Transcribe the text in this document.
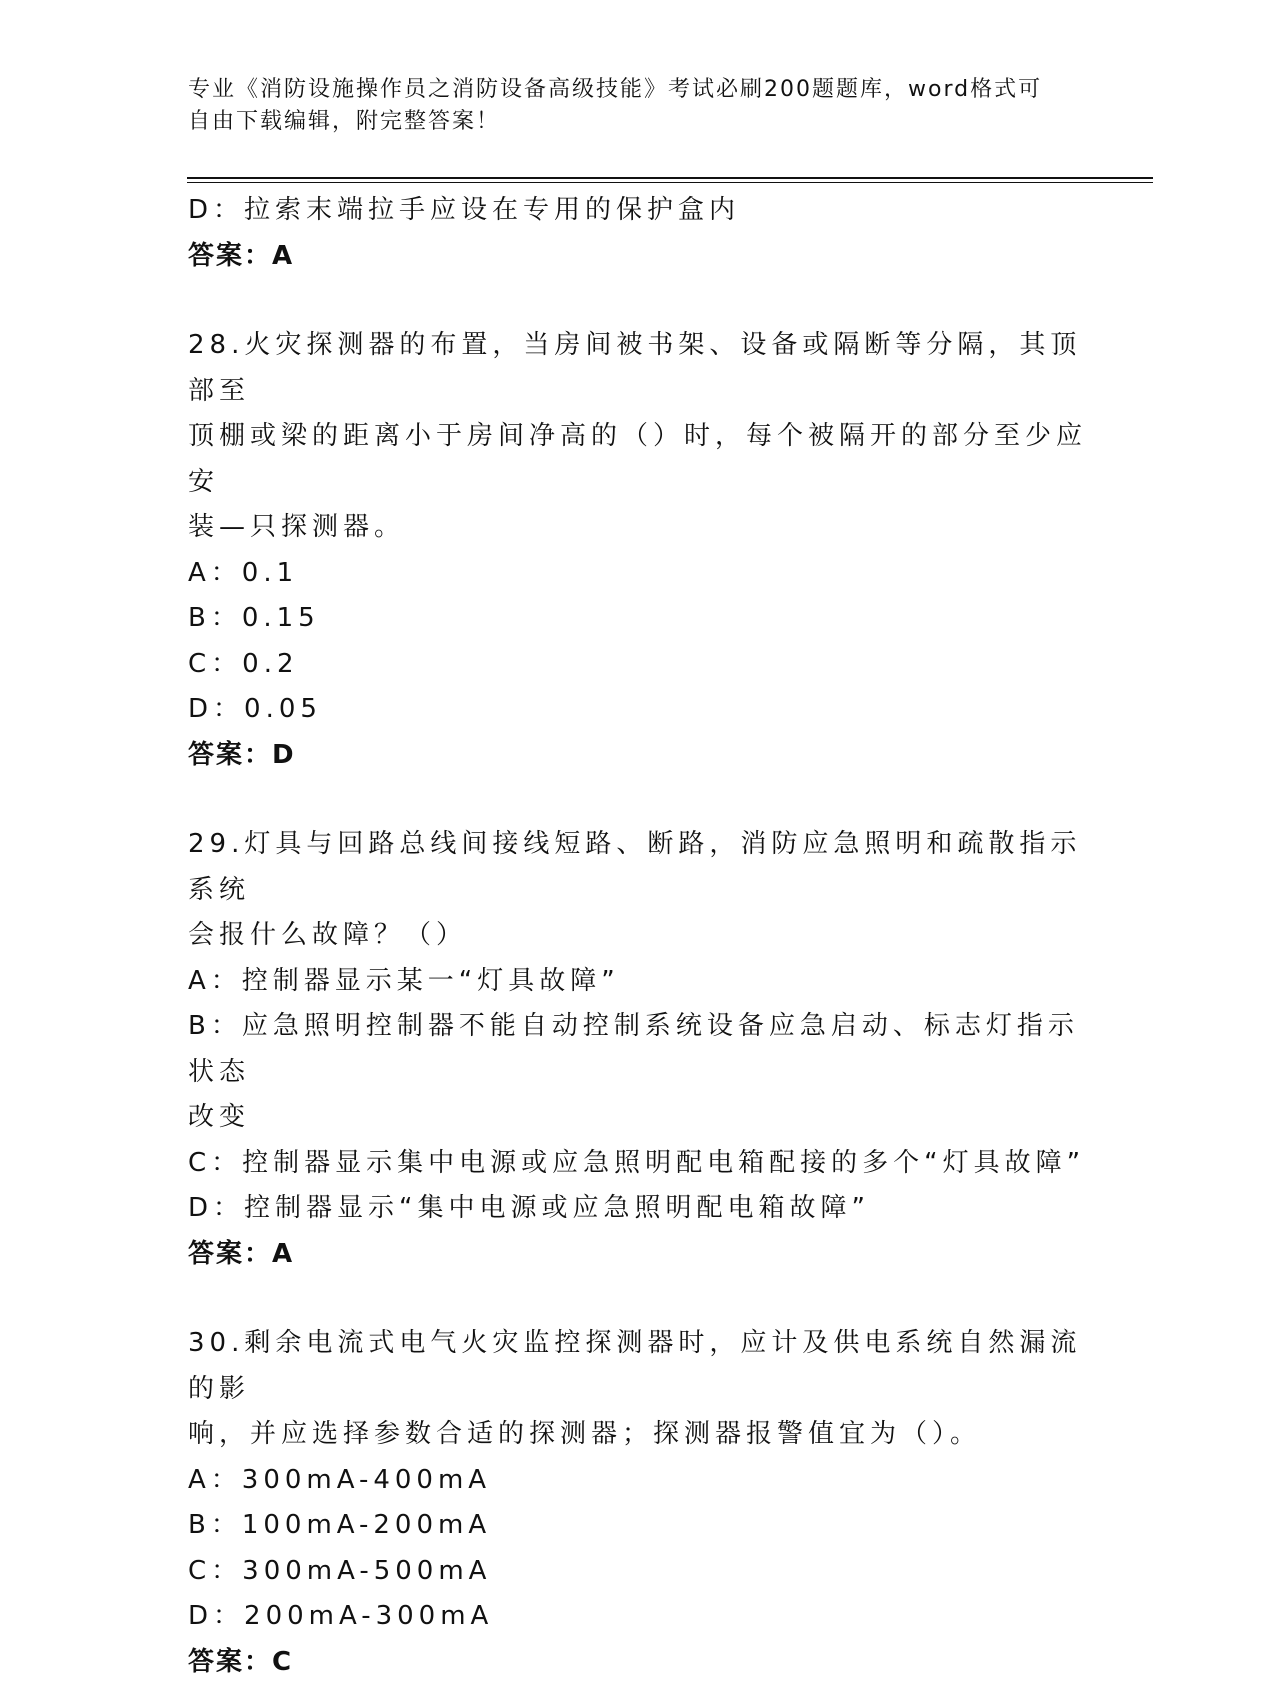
专业《消防设施操作员之消防设备高级技能》考试必刷200题题库，word格式可
自由下载编辑，附完整答案！
D：拉索末端拉手应设在专用的保护盒内
答案：A
28.火灾探测器的布置，当房间被书架、设备或隔断等分隔，其顶部至
顶棚或梁的距离小于房间净高的（）时，每个被隔开的部分至少应安
装—只探测器。
A：0.1
B：0.15
C：0.2
D：0.05
答案：D
29.灯具与回路总线间接线短路、断路，消防应急照明和疏散指示系统
会报什么故障？（）
A：控制器显示某一“灯具故障”
B：应急照明控制器不能自动控制系统设备应急启动、标志灯指示状态
改变
C：控制器显示集中电源或应急照明配电箱配接的多个“灯具故障”
D：控制器显示“集中电源或应急照明配电箱故障”
答案：A
30.剩余电流式电气火灾监控探测器时，应计及供电系统自然漏流的影
响，并应选择参数合适的探测器；探测器报警值宜为（）。
A：300mA-400mA
B：100mA-200mA
C：300mA-500mA
D：200mA-300mA
答案：C
